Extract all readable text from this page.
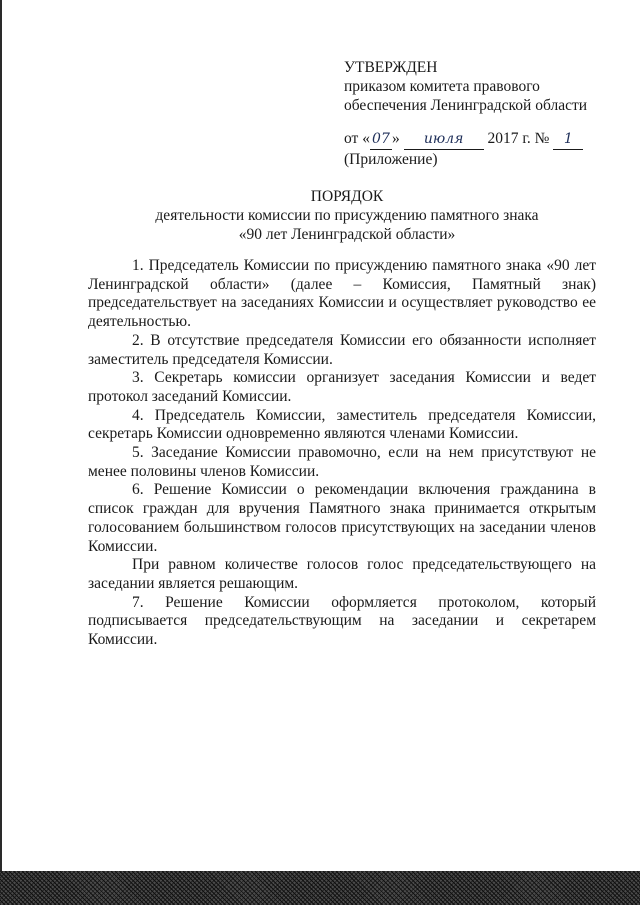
УТВЕРЖДЕН
приказом комитета правового
обеспечения Ленинградской области
от « 07 » июля 2017 г. № 1
(Приложение)
ПОРЯДОК
деятельности комиссии по присуждению памятного знака
«90 лет Ленинградской области»

1. Председатель Комиссии по присуждению памятного знака «90 лет Ленинградской области» (далее – Комиссия, Памятный знак) председательствует на заседаниях Комиссии и осуществляет руководство ее деятельностью.

2. В отсутствие председателя Комиссии его обязанности исполняет заместитель председателя Комиссии.

3. Секретарь комиссии организует заседания Комиссии и ведет протокол заседаний Комиссии.

4. Председатель Комиссии, заместитель председателя Комиссии, секретарь Комиссии одновременно являются членами Комиссии.

5. Заседание Комиссии правомочно, если на нем присутствуют не менее половины членов Комиссии.

6. Решение Комиссии о рекомендации включения гражданина в список граждан для вручения Памятного знака принимается открытым голосованием большинством голосов присутствующих на заседании членов Комиссии.

При равном количестве голосов голос председательствующего на заседании является решающим.

7. Решение Комиссии оформляется протоколом, который подписывается председательствующим на заседании и секретарем Комиссии.
